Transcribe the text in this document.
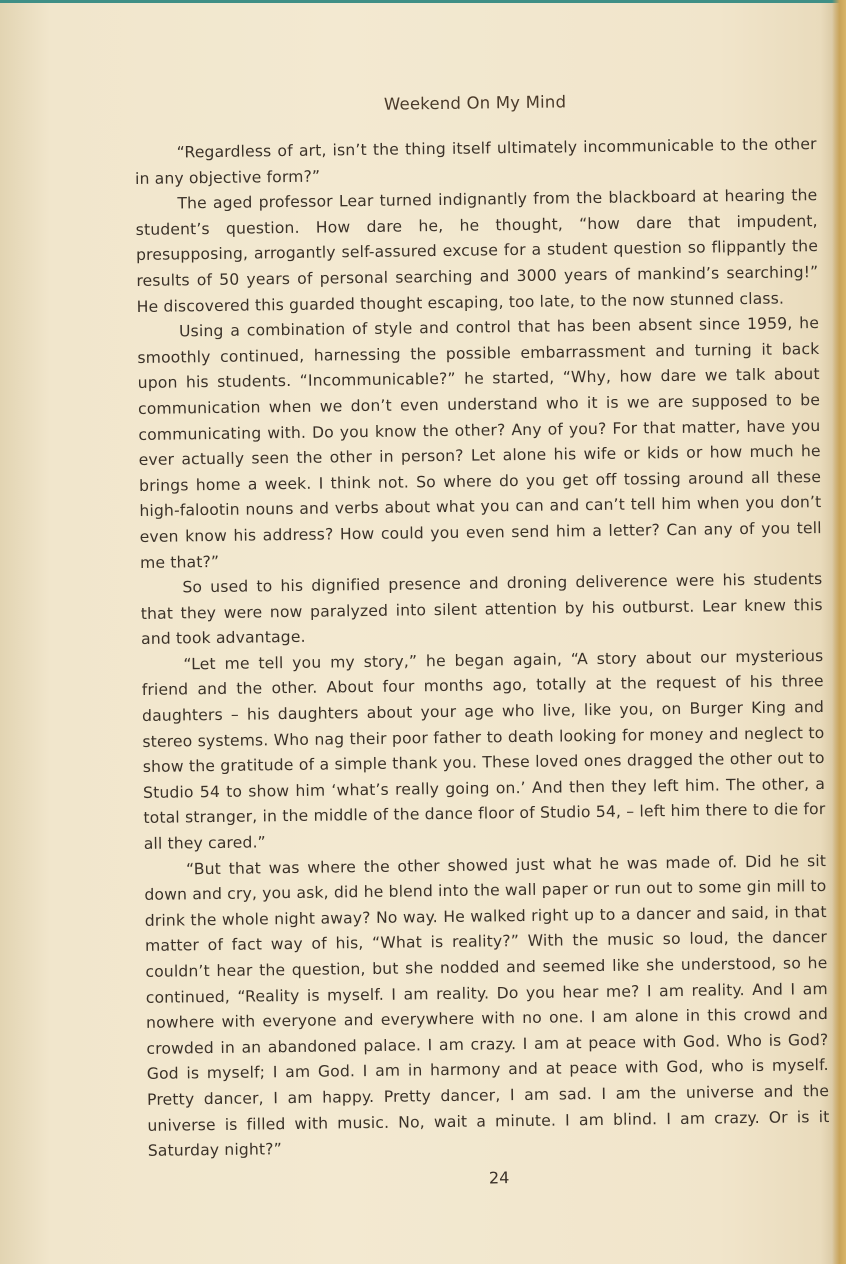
Weekend On My Mind

“Regardless of art, isn’t the thing itself ultimately incommunicable to the other in any objective form?”

The aged professor Lear turned indignantly from the blackboard at hearing the student’s question. How dare he, he thought, “how dare that impudent, presupposing, arrogantly self-assured excuse for a student question so flippantly the results of 50 years of personal searching and 3000 years of mankind’s searching!” He discovered this guarded thought escaping, too late, to the now stunned class.

Using a combination of style and control that has been absent since 1959, he smoothly continued, harnessing the possible embarrassment and turning it back upon his students. “Incommunicable?” he started, “Why, how dare we talk about communication when we don’t even understand who it is we are supposed to be communicating with. Do you know the other? Any of you? For that matter, have you ever actually seen the other in person? Let alone his wife or kids or how much he brings home a week. I think not. So where do you get off tossing around all these high-falootin nouns and verbs about what you can and can’t tell him when you don’t even know his address? How could you even send him a letter? Can any of you tell me that?”

So used to his dignified presence and droning deliverence were his students that they were now paralyzed into silent attention by his outburst. Lear knew this and took advantage.

“Let me tell you my story,” he began again, “A story about our mysterious friend and the other. About four months ago, totally at the request of his three daughters – his daughters about your age who live, like you, on Burger King and stereo systems. Who nag their poor father to death looking for money and neglect to show the gratitude of a simple thank you. These loved ones dragged the other out to Studio 54 to show him ‘what’s really going on.’ And then they left him. The other, a total stranger, in the middle of the dance floor of Studio 54, – left him there to die for all they cared.”

“But that was where the other showed just what he was made of. Did he sit down and cry, you ask, did he blend into the wall paper or run out to some gin mill to drink the whole night away? No way. He walked right up to a dancer and said, in that matter of fact way of his, “What is reality?” With the music so loud, the dancer couldn’t hear the question, but she nodded and seemed like she understood, so he continued, “Reality is myself. I am reality. Do you hear me? I am reality. And I am nowhere with everyone and everywhere with no one. I am alone in this crowd and crowded in an abandoned palace. I am crazy. I am at peace with God. Who is God? God is myself; I am God. I am in harmony and at peace with God, who is myself. Pretty dancer, I am happy. Pretty dancer, I am sad. I am the universe and the universe is filled with music. No, wait a minute. I am blind. I am crazy. Or is it Saturday night?”

24
